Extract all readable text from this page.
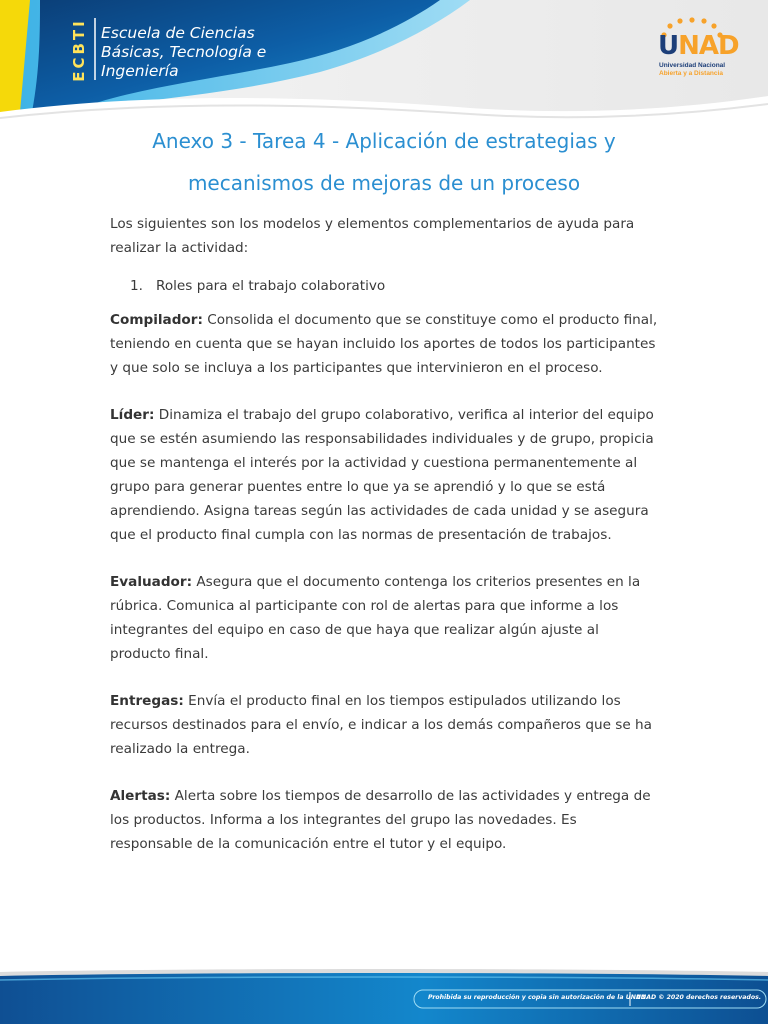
ECBTI Escuela de Ciencias
Básicas, Tecnología e
Ingeniería
UNAD
Universidad Nacional
Abierta y a Distancia
Anexo 3 - Tarea 4 - Aplicación de estrategias y mecanismos de mejoras de un proceso

Los siguientes son los modelos y elementos complementarios de ayuda para realizar la actividad:

1. Roles para el trabajo colaborativo

Compilador: Consolida el documento que se constituye como el producto final, teniendo en cuenta que se hayan incluido los aportes de todos los participantes y que solo se incluya a los participantes que intervinieron en el proceso.

Líder: Dinamiza el trabajo del grupo colaborativo, verifica al interior del equipo que se estén asumiendo las responsabilidades individuales y de grupo, propicia que se mantenga el interés por la actividad y cuestiona permanentemente al grupo para generar puentes entre lo que ya se aprendió y lo que se está aprendiendo. Asigna tareas según las actividades de cada unidad y se asegura que el producto final cumpla con las normas de presentación de trabajos.

Evaluador: Asegura que el documento contenga los criterios presentes en la rúbrica. Comunica al participante con rol de alertas para que informe a los integrantes del equipo en caso de que haya que realizar algún ajuste al producto final.

Entregas: Envía el producto final en los tiempos estipulados utilizando los recursos destinados para el envío, e indicar a los demás compañeros que se ha realizado la entrega.

Alertas: Alerta sobre los tiempos de desarrollo de las actividades y entrega de los productos. Informa a los integrantes del grupo las novedades. Es responsable de la comunicación entre el tutor y el equipo.

Prohibida su reproducción y copia sin autorización de la UNAD.
UNAD © 2020 derechos reservados.
